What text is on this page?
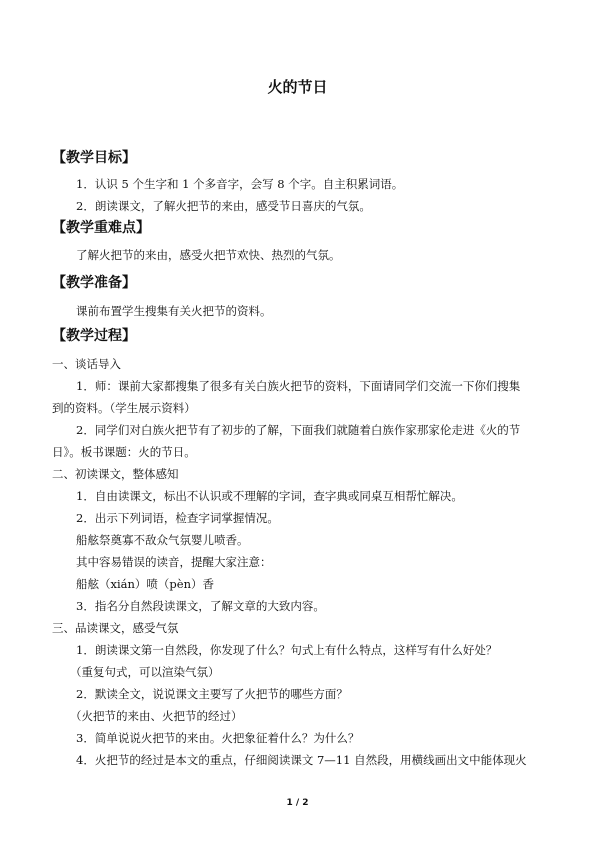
火的节日
【教学目标】
1．认识 5 个生字和 1 个多音字，会写 8 个字。自主积累词语。
2．朗读课文，了解火把节的来由，感受节日喜庆的气氛。
【教学重难点】
了解火把节的来由，感受火把节欢快、热烈的气氛。
【教学准备】
课前布置学生搜集有关火把节的资料。
【教学过程】
一、谈话导入
1．师：课前大家都搜集了很多有关白族火把节的资料，下面请同学们交流一下你们搜集
到的资料。（学生展示资料）
2．同学们对白族火把节有了初步的了解，下面我们就随着白族作家那家伦走进《火的节
日》。板书课题：火的节日。
二、初读课文，整体感知
1．自由读课文，标出不认识或不理解的字词，查字典或同桌互相帮忙解决。
2．出示下列词语，检查字词掌握情况。
船舷祭奠寡不敌众气氛婴儿喷香。
其中容易错误的读音，提醒大家注意：
船舷（xián）喷（pèn）香
3．指名分自然段读课文，了解文章的大致内容。
三、品读课文，感受气氛
1．朗读课文第一自然段，你发现了什么？句式上有什么特点，这样写有什么好处？
（重复句式，可以渲染气氛）
2．默读全文，说说课文主要写了火把节的哪些方面？
（火把节的来由、火把节的经过）
3．简单说说火把节的来由。火把象征着什么？为什么？
4．火把节的经过是本文的重点，仔细阅读课文 7—11 自然段，用横线画出文中能体现火
1 / 2
